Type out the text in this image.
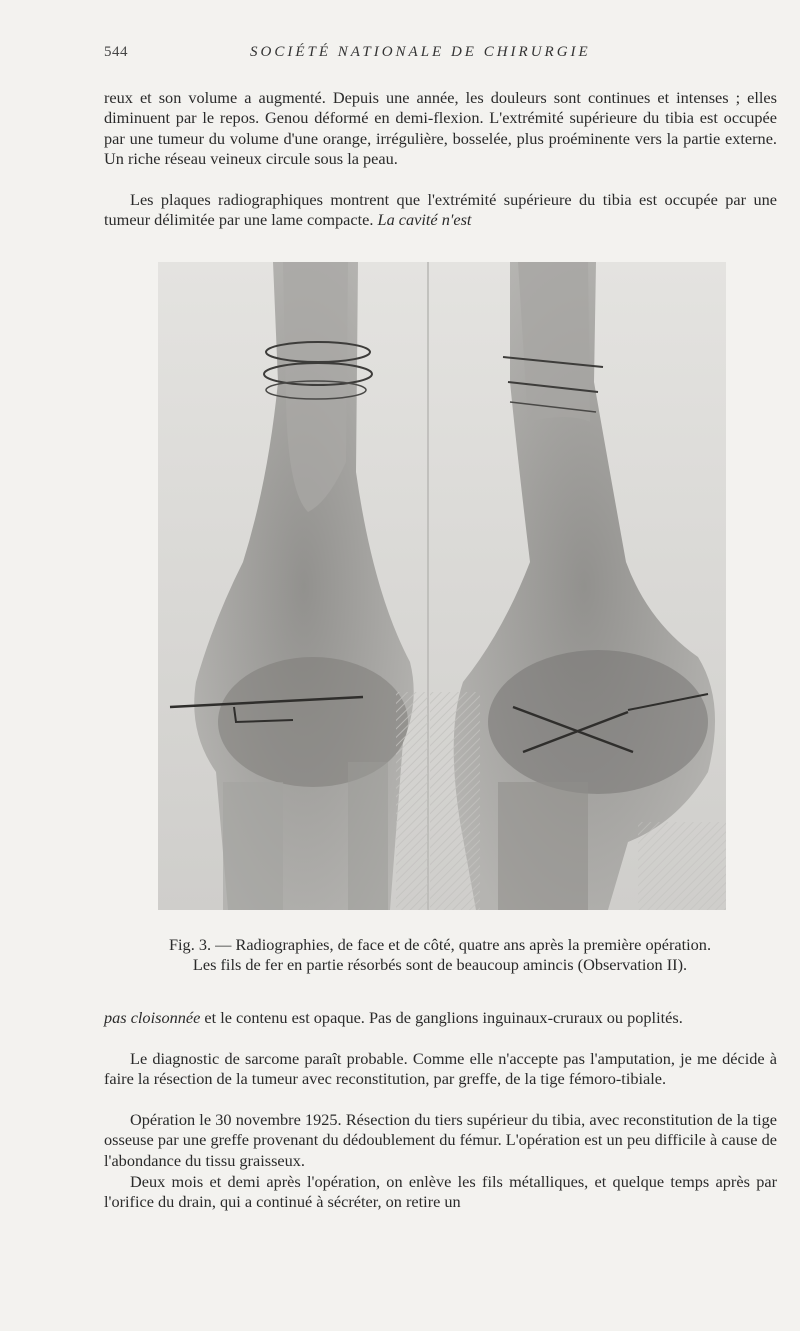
544	SOCIÉTÉ NATIONALE DE CHIRURGIE

reux et son volume a augmenté. Depuis une année, les douleurs sont continues et intenses ; elles diminuent par le repos. Genou déformé en demi-flexion. L'extrémité supérieure du tibia est occupée par une tumeur du volume d'une orange, irrégulière, bosselée, plus proéminente vers la partie externe. Un riche réseau veineux circule sous la peau.

Les plaques radiographiques montrent que l'extrémité supérieure du tibia est occupée par une tumeur délimitée par une lame compacte. La cavité n'est

Fig. 3. — Radiographies, de face et de côté, quatre ans après la première opération.

Les fils de fer en partie résorbés sont de beaucoup amincis (Observation II).

pas cloisonnée et le contenu est opaque. Pas de ganglions inguinaux-cruraux ou poplités.

Le diagnostic de sarcome paraît probable. Comme elle n'accepte pas l'amputation, je me décide à faire la résection de la tumeur avec reconstitution, par greffe, de la tige fémoro-tibiale.

Opération le 30 novembre 1925. Résection du tiers supérieur du tibia, avec reconstitution de la tige osseuse par une greffe provenant du dédoublement du fémur. L'opération est un peu difficile à cause de l'abondance du tissu graisseux.

Deux mois et demi après l'opération, on enlève les fils métalliques, et quelque temps après par l'orifice du drain, qui a continué à sécréter, on retire un
